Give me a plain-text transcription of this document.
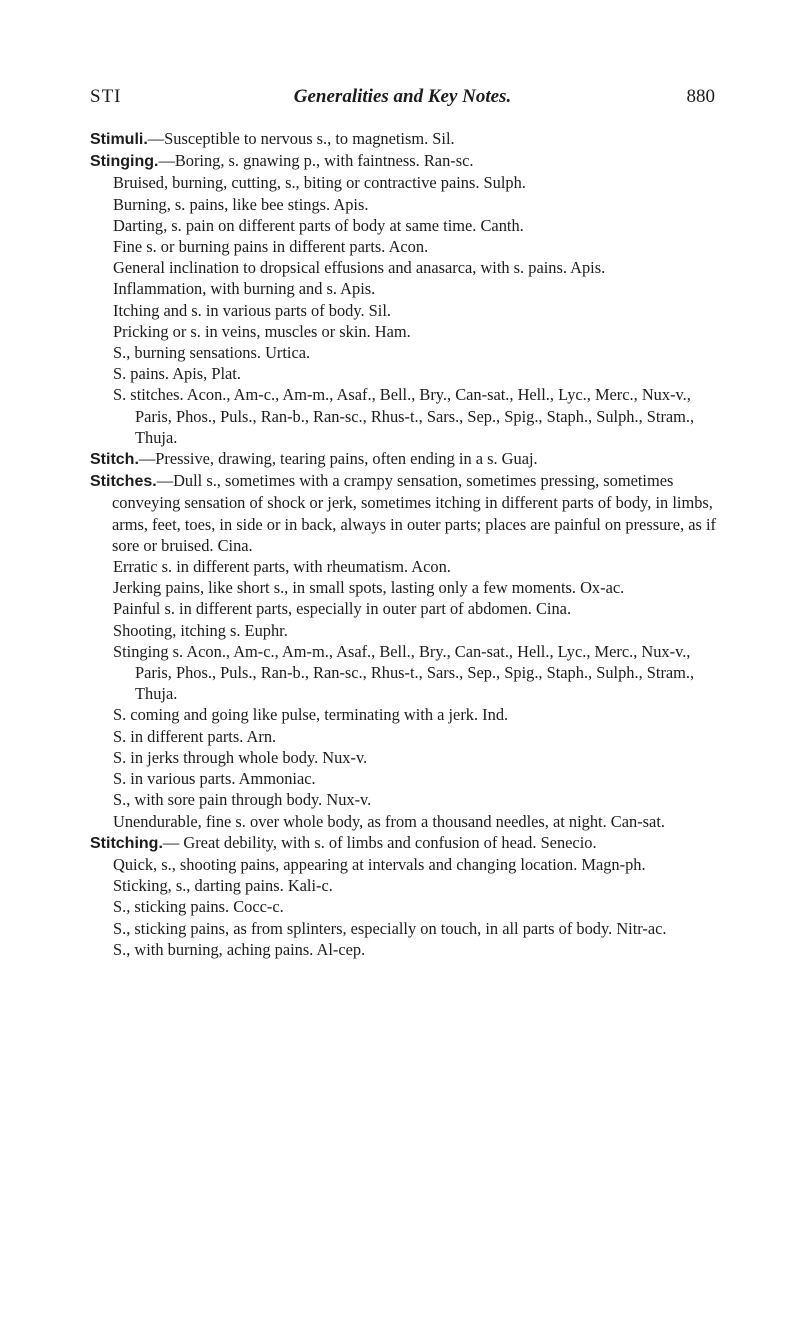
STI	Generalities and Key Notes.	880

Stimuli.—Susceptible to nervous s., to magnetism. Sil.

Stinging.—Boring, s. gnawing p., with faintness. Ran-sc.

Bruised, burning, cutting, s., biting or contractive pains. Sulph.

Burning, s. pains, like bee stings. Apis.

Darting, s. pain on different parts of body at same time. Canth.

Fine s. or burning pains in different parts. Acon.

General inclination to dropsical effusions and anasarca, with s. pains. Apis.

Inflammation, with burning and s. Apis.

Itching and s. in various parts of body. Sil.

Pricking or s. in veins, muscles or skin. Ham.

S., burning sensations. Urtica.

S. pains. Apis, Plat.

S. stitches. Acon., Am-c., Am-m., Asaf., Bell., Bry., Can-sat., Hell., Lyc., Merc., Nux-v., Paris, Phos., Puls., Ran-b., Ran-sc., Rhus-t., Sars., Sep., Spig., Staph., Sulph., Stram., Thuja.

Stitch.—Pressive, drawing, tearing pains, often ending in a s. Guaj.

Stitches.—Dull s., sometimes with a crampy sensation, sometimes pressing, sometimes conveying sensation of shock or jerk, sometimes itching in different parts of body, in limbs, arms, feet, toes, in side or in back, always in outer parts; places are painful on pressure, as if sore or bruised. Cina.

Erratic s. in different parts, with rheumatism. Acon.

Jerking pains, like short s., in small spots, lasting only a few moments. Ox-ac.

Painful s. in different parts, especially in outer part of abdomen. Cina.

Shooting, itching s. Euphr.

Stinging s. Acon., Am-c., Am-m., Asaf., Bell., Bry., Can-sat., Hell., Lyc., Merc., Nux-v., Paris, Phos., Puls., Ran-b., Ran-sc., Rhus-t., Sars., Sep., Spig., Staph., Sulph., Stram., Thuja.

S. coming and going like pulse, terminating with a jerk. Ind.

S. in different parts. Arn.

S. in jerks through whole body. Nux-v.

S. in various parts. Ammoniac.

S., with sore pain through body. Nux-v.

Unendurable, fine s. over whole body, as from a thousand needles, at night. Can-sat.

Stitching.— Great debility, with s. of limbs and confusion of head. Senecio.

Quick, s., shooting pains, appearing at intervals and changing location. Magn-ph.

Sticking, s., darting pains. Kali-c.

S., sticking pains. Cocc-c.

S., sticking pains, as from splinters, especially on touch, in all parts of body. Nitr-ac.

S., with burning, aching pains. Al-cep.
